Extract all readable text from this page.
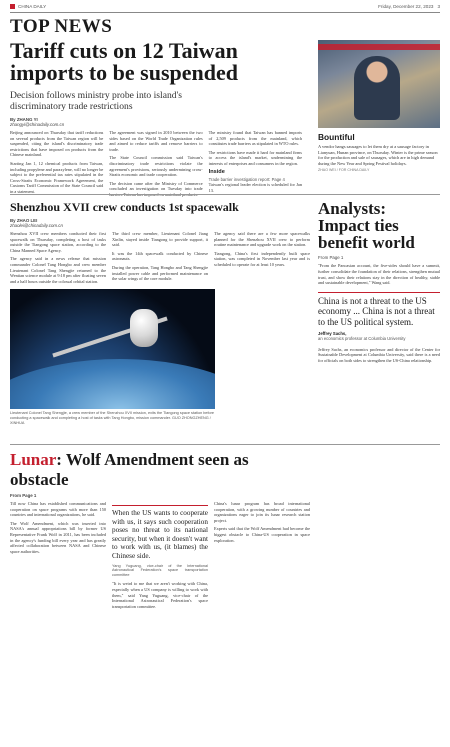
CHINA DAILY	Friday, December 22, 2023 3
TOP NEWS
Tariff cuts on 12 Taiwan imports to be suspended
Decision follows ministry probe into island's discriminatory trade restrictions
By ZHANG YI
zhangyi@chinadaily.com.cn

Beijing announced on Thursday that tariff reductions on several products from the Taiwan region will be suspended, citing the island's discriminatory trade restrictions that have imposed on products from the Chinese mainland.

Starting Jan 1, 12 chemical products from Taiwan, including propylene and paraxylene, will no longer be subject to the preferential tax rates stipulated in the Cross-Straits Economic Framework Agreement, the Customs Tariff Commission of the State Council said in a statement.

The agreement was signed in 2010 between the two sides based on the World Trade Organization rules and aimed to reduce tariffs and remove barriers to trade.

The State Council commission said Taiwan's discriminatory trade restrictions violate the agreement's provisions, seriously undermining cross-Straits economic and trade cooperation.

The decision came after the Ministry of Commerce concluded an investigation on Tuesday into trade barriers Taiwan has imposed on mainland products.

The ministry found that Taiwan has banned imports of 2,509 products from the mainland, which constitutes trade barriers as stipulated in WTO rules.

The restrictions have made it hard for mainland firms to access the island's market, undermining the interests of enterprises and consumers in the region.

Inside
Trade barrier investigation report: Page 4

Taiwan's regional leader election is scheduled for Jan 13.

Bountiful
A vendor hangs sausages to let them dry at a sausage factory in Lianyuan, Hunan province, on Thursday. Winter is the prime season for the production and sale of sausages, which are in high demand during the New Year and Spring Festival holidays.
ZHAO WEI / FOR CHINA DAILY
Shenzhou XVII crew conducts 1st spacewalk
By ZHAO LEI
zhaolei@chinadaily.com.cn

Shenzhou XVII crew members conducted their first spacewalk on Thursday, completing a host of tasks outside the Tiangong space station, according to the China Manned Space Agency.

The agency said in a news release that mission commander Colonel Tang Hongbo and crew member Lieutenant Colonel Tang Shengjie returned to the Wentian science module at 9:18 pm after floating seven and a half hours outside the colossal orbital station.

The third crew member, Lieutenant Colonel Jiang Xinlin, stayed inside Tiangong to provide support, it said.

It was the 14th spacewalk conducted by Chinese astronauts.

During the operation, Tang Hongbo and Tang Shengjie installed power cable and performed maintenance on the solar wings of the core module.

The agency said there are a few more spacewalks planned for the Shenzhou XVII crew to perform routine maintenance and upgrade work on the station.

Tiangong, China's first independently built space station, was completed in November last year and is scheduled to operate for at least 10 years.

Lieutenant Colonel Tang Shengjie, a crew member of the Shenzhou XVII mission, exits the Tiangong space station before conducting a spacewalk and completing a host of tasks with Tang Hongbo, mission commander. GUO ZHONGZHENG / XINHUA
Analysts: Impact ties benefit world
From Page 1
"From the Pancasian account, the five-sides should have a summit, further consolidate the foundation of their relations, strengthen mutual trust, and show their relations stay in the direction of healthy, stable and sustainable development," Wang said.
China is not a threat to the US economy ... China is not a threat to the US political system.
Jeffrey Sachs,
an economics professor at Columbia University
Jeffrey Sachs, an economics professor and director of the Center for Sustainable Development at Columbia University, said there is a need for officials on both sides to strengthen the US-China relationship.
Lunar: Wolf Amendment seen as obstacle
From Page 1

Till now China has established communications and cooperation on space programs with more than 150 countries and international organizations, he said.

The Wolf Amendment, which was inserted into NASA's annual appropriations bill by former US Representative Frank Wolf in 2011, has been included in the agency's funding bill every year and has greatly affected collaboration between NASA and Chinese space authorities.

When the US wants to cooperate with us, it says such cooperation poses no threat to its national security, but when it doesn't want to work with us, (it blames) the Chinese side.
Yang Yuguang, vice-chair of the International Astronautical Federation's space transportation committee

"It is weird to me that we aren't working with China, especially when a US company is willing to work with them," said Yang Yuguang, vice-chair of the International Astronautical Federation's space transportation committee.

China's lunar program has broad international cooperation, with a growing number of countries and organizations eager to join its lunar research station project.

Experts said that the Wolf Amendment had become the biggest obstacle to China-US cooperation in space exploration.
